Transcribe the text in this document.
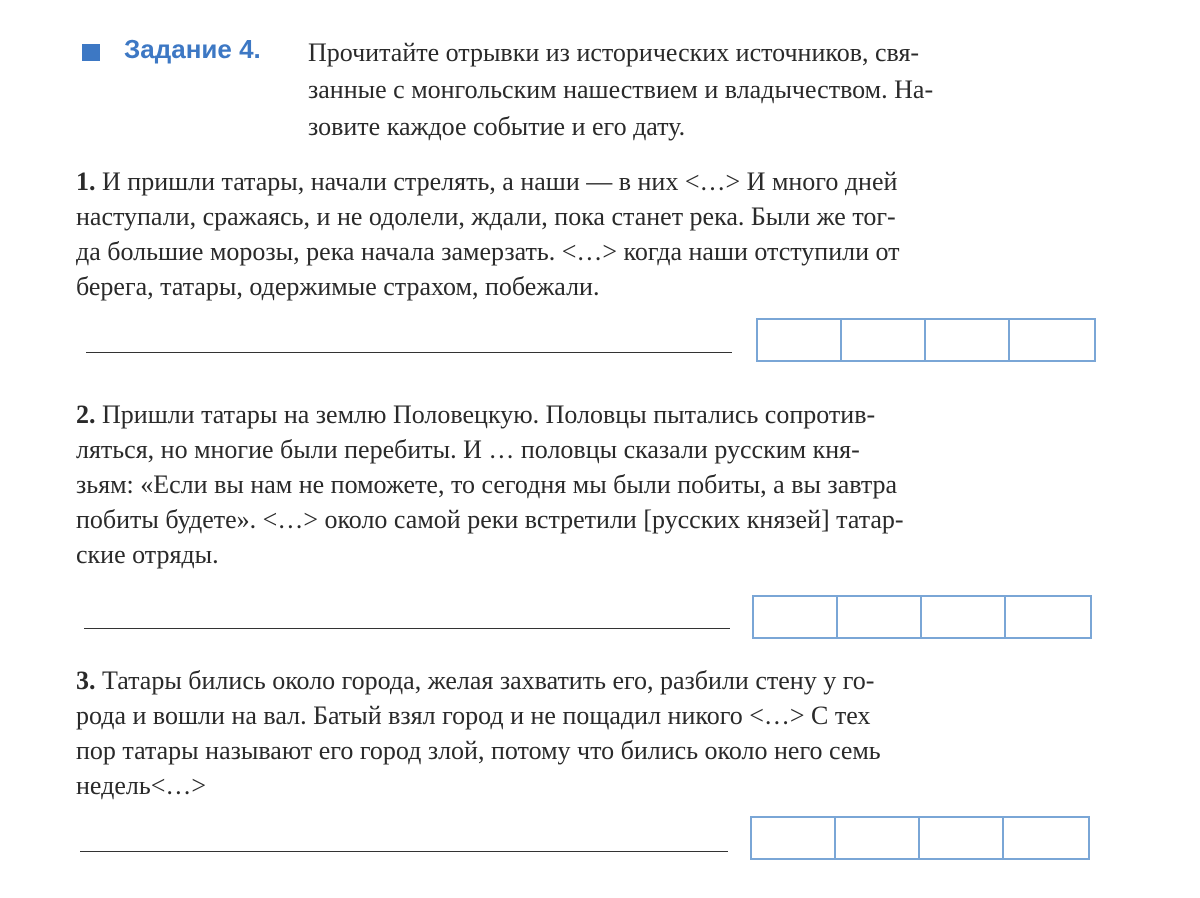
Задание 4. Прочитайте отрывки из исторических источников, свя-
занные с монгольским нашествием и владычеством. На-
зовите каждое событие и его дату.
1. И пришли татары, начали стрелять, а наши — в них <…> И много дней
наступали, сражаясь, и не одолели, ждали, пока станет река. Были же тог-
да большие морозы, река начала замерзать. <…> когда наши отступили от
берега, татары, одержимые страхом, побежали.
2. Пришли татары на землю Половецкую. Половцы пытались сопротив-
ляться, но многие были перебиты. И … половцы сказали русским кня-
зьям: «Если вы нам не поможете, то сегодня мы были побиты, а вы завтра
побиты будете». <…> около самой реки встретили [русских князей] татар-
ские отряды.
3. Татары бились около города, желая захватить его, разбили стену у го-
рода и вошли на вал. Батый взял город и не пощадил никого <…> С тех
пор татары называют его город злой, потому что бились около него семь
недель<…>
